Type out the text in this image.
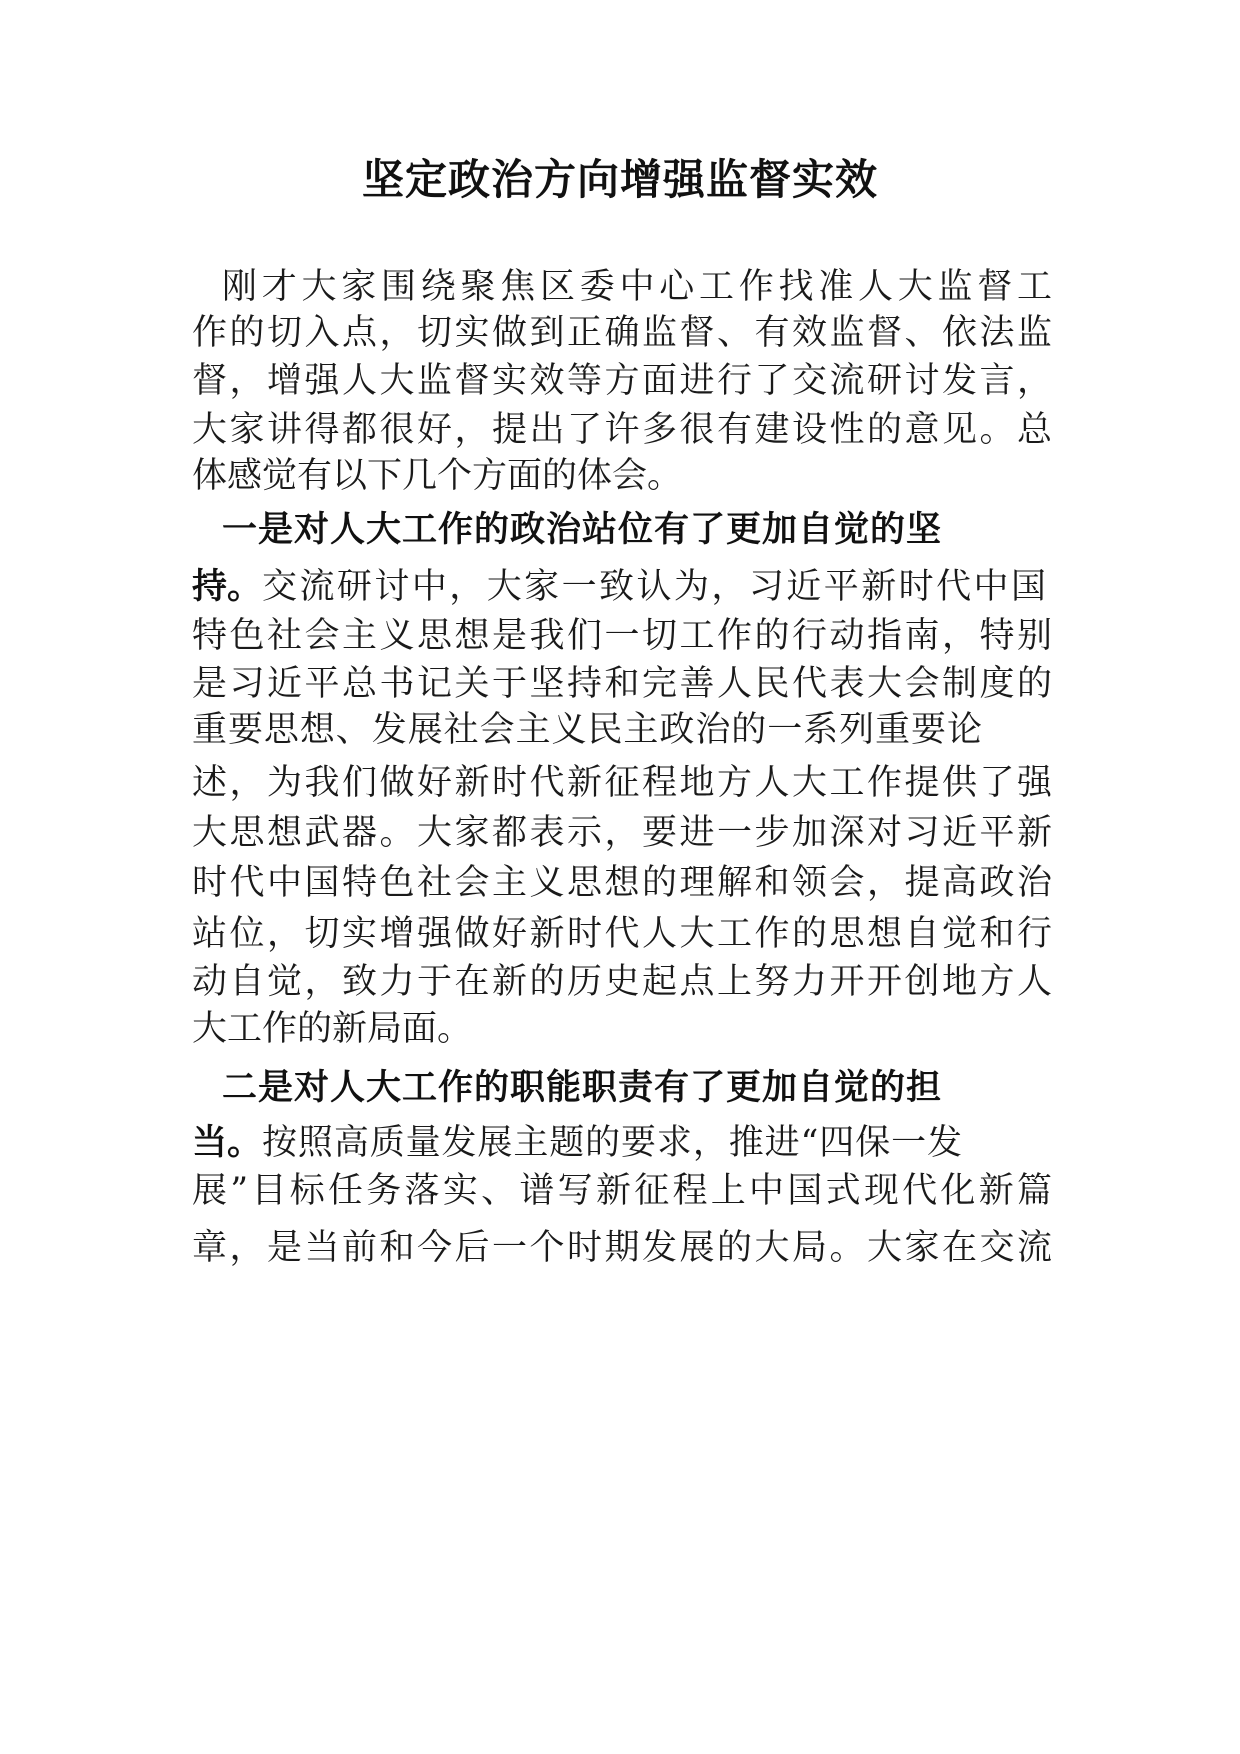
坚定政治方向增强监督实效
刚才大家围绕聚焦区委中心工作找准人大监督工
作的切入点，切实做到正确监督、有效监督、依法监
督，增强人大监督实效等方面进行了交流研讨发言，
大家讲得都很好，提出了许多很有建设性的意见。总
体感觉有以下几个方面的体会。
一是对人大工作的政治站位有了更加自觉的坚
持。交流研讨中，大家一致认为，习近平新时代中国
特色社会主义思想是我们一切工作的行动指南，特别
是习近平总书记关于坚持和完善人民代表大会制度的
重要思想、发展社会主义民主政治的一系列重要论
述，为我们做好新时代新征程地方人大工作提供了强
大思想武器。大家都表示，要进一步加深对习近平新
时代中国特色社会主义思想的理解和领会，提高政治
站位，切实增强做好新时代人大工作的思想自觉和行
动自觉，致力于在新的历史起点上努力开开创地方人
大工作的新局面。
二是对人大工作的职能职责有了更加自觉的担
当。按照高质量发展主题的要求，推进“四保一发
展”目标任务落实、谱写新征程上中国式现代化新篇
章，是当前和今后一个时期发展的大局。大家在交流
